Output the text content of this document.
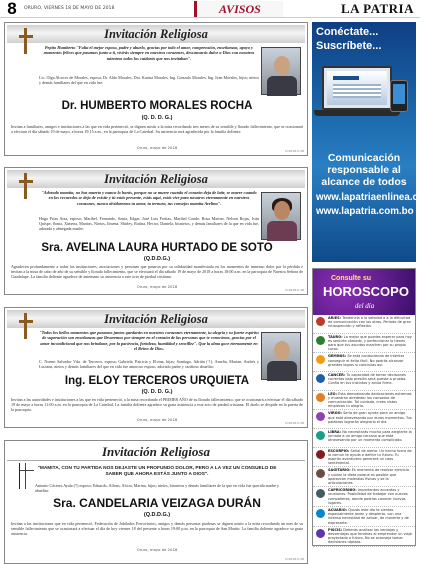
8	ORURO, VIERNES 18 DE MAYO DE 2018	AVISOS	LA PATRIA
Invitación Religiosa
Pepito Humberto "Falta el mejor esposo, padre y abuelo, gracias por todo el amor, comprensión, enseñanzas, apoyo y momentos felices que pasamos junto a ti, vivirás siempre en nuestros corazones, descansarás dulce a Dios con nosotros mientras todos los cuidarás que nos invitaban".
Lic. Olga Alcocer de Morales, esposa; Dr. Aldo Morales, Dra. Karina Morales, Ing. Gonzalo Morales, Ing. Ivan Morales, hijos; nietos y demás familiares del que en vida fue:
Dr. HUMBERTO MORALES ROCHA
(Q. D. D. G.)
Invitan a familiares, amigos e instituciones a las que en vida perteneció, se dignen asistir a la misa recordando tres meses de su sensible y llorado fallecimiento, que se ocasionará a efectuar el día sábado 19 de mayo, a horas 19:15 a.m., en la parroquia de La Catedral. Su asistencia será agradecida por la familia doliente.
Oruro, mayo de 2018
D.2018-5-18
Invitación Religiosa
"Adorado mamita, no has muerto y nunca lo harás, porque no se muere cuando el corazón deja de latir, se muere cuando en los recuerdos se deja de existir y tú estás presente, estás aquí, estás vive para nosotros eternamente en nuestros corazones, nunca olvidaremos tu amor, tu ternura, tus consejos mamita Avelina".
Hugo Frías Aiza, esposo; Maribel, Fernando, Sonia, Edgar, José Luis Freitas, Maribel Conde, Rosa Marino, Nelson Rojas, Iván Quispe, Sonia, Ximena, Martins, Nietos, Jimena, Shirley, Rotina, Hector, Daniela, bisnietos, y demás familiares de la que en vida fue, adorada y abnegada madre:
Sra. AVELINA LAURA HURTADO DE SOTO
(Q.D.D.G.)
Agradecen profundamente a todas las instituciones, asociaciones y personas que pasaron por su solidaridad manifestada en los momentos de inmenso dolor por la pérdida e invitan a la misa de cabo de año de su sensible y llorada fallecimiento, que se efectuará el día sábado 19 de mayo de 2018 a horas 18:00 a.m. en la parroquia de Nuestra Señora de Guadalupe. La familia doliente agradece de antemano su asistencia a este acto de piedad cristiana.
Oruro, mayo de 2018
D.2018-5-18
Invitación Religiosa
"Todos los bellos momentos que pasamos juntos quedarán en nuestros corazones eternamente, tu alegría y tu fuerte espíritu de superación son enseñanzas que llevaremos por siempre en el corazón de las personas que te conocimos, gracias por el amor incondicional que nos brindaste, por la paciencia, fortaleza, humildad y sencillez". Que la alma goce eternamente en el Reino de Dios.
C. Noemi Salvador Vda. de Terceros, esposa; Gabriela, Patricia y Elvina, hijas; Santiago, Adrián (†), Amelia, Marian, Andrés y Luciana, nietos y demás familiares del que en vida fue amoroso esposo, adorado padre y cariñoso abuelito:
Ing. ELOY TERCEROS URQUIETA
(Q. D. D. G.)
Invitan a las autoridades e instituciones a las que en vida perteneció, a la misa recordando el PRIMER AÑO de su llorado fallecimiento, que se ocasionará a efectuar el día sábado 19 de mayo a horas 11:00 a.m. en la parroquia de La Catedral. La familia doliente agradece su grata asistencia a este acto de piedad cristiana. El duelo se despide en la puerta de la parroquia.
Oruro, mayo de 2018
D.2018-5-18
Invitación Religiosa
"MAMITA, CON TU PARTIDA NOS DEJASTE UN PROFUNDO DOLOR, PERO A LA VEZ UN CONSUELO DE SABER QUE AHORA ESTÁS JUNTO A DIOS".
Antonio Cáceres Ayala (†) esposo; Eduardo, Alfons, Alcira, Marina, hijos; nietos, bisnietos y demás familiares de la que en vida fue querida madre y abuelita:
Sra. CANDELARIA VEIZAGA DURÁN
(Q.D.D.G.)
Invitan a las instituciones que en vida perteneció, Federación de Jubilados Ferroviarios, amigos y demás personas piadosas se dignen asistir a la misa recordando un mes de su sensible fallecimiento que se ocasionará a efectuar el día de hoy viernes 18 del presente a horas 19:00 p.m. en la parroquia de San Martín. La familia doliente agradece su grata asistencia.
Oruro, mayo de 2018
D.2018-5-18
Conéctate...
Suscríbete...
Comunicación responsable al alcance de todos
www.lapatriaenlinea.com
www.lapatria.com.bo
Consulte su
HOROSCOPO
del día
ARIES: Tendencia a la soledad o a la dificultad de comunicación con los otros. Período de gran introspección y reflexión.
TAURO: La mejor que puedes esperar para hoy es sentirte cómodo, y perfeccionar lo tienes para que tus asuntos marchen por su propio curso.
GEMINIS: Se está conduciendo de intentar conseguir el éxito fácil. No podrás alcanzar grandes logros si continúas así.
CANCER: Tu capacidad de tomar decisiones correctas bajo presión será puesta a prueba. Confía en tus instintos y actúa firme.
LEO: Esta demostrando dedicaciones extremas y muestran alrededor los cansados de comunicación. Tal cuidado, crees vistos empiezan tu alegría.
VIRGO: Sería de gran ayuda para un amigo que está atravesando por duros momentos. Tus palabras lograrán alegrarlo el día.
LIBRA: No necesitarás mucho para alegrarte la jornada a un amigo cercano que está atravesando por un momento complicado.
ESCORPIO: Señal de alerta. Un hecho fuera de lo común te ayuda a definir tu futuro. Tu espíritu aventurero generará un caos sentimental.
SAGITARIO: Es momento de realizar ejercicio y cuidar la dieta porque es posible que aparezcan molestias físicas y se la articulaciones.
CAPRICORNIO: Importantes acuerdos y reuniones. Posibilidad de trabajar con nuevos compañeros, donde podrías conocer nuevos lugares.
ACUARIO: Quizás este día te sientas especialmente joven y despierto, con una intensa necesidad de actuar, de moverte y de expresarte.
PISCIS: Deberás analizar las ventajas y desventajas que tendrías al emprender un viaje proyectado a futuro. No se aconseja tomar decisiones rápidas.
